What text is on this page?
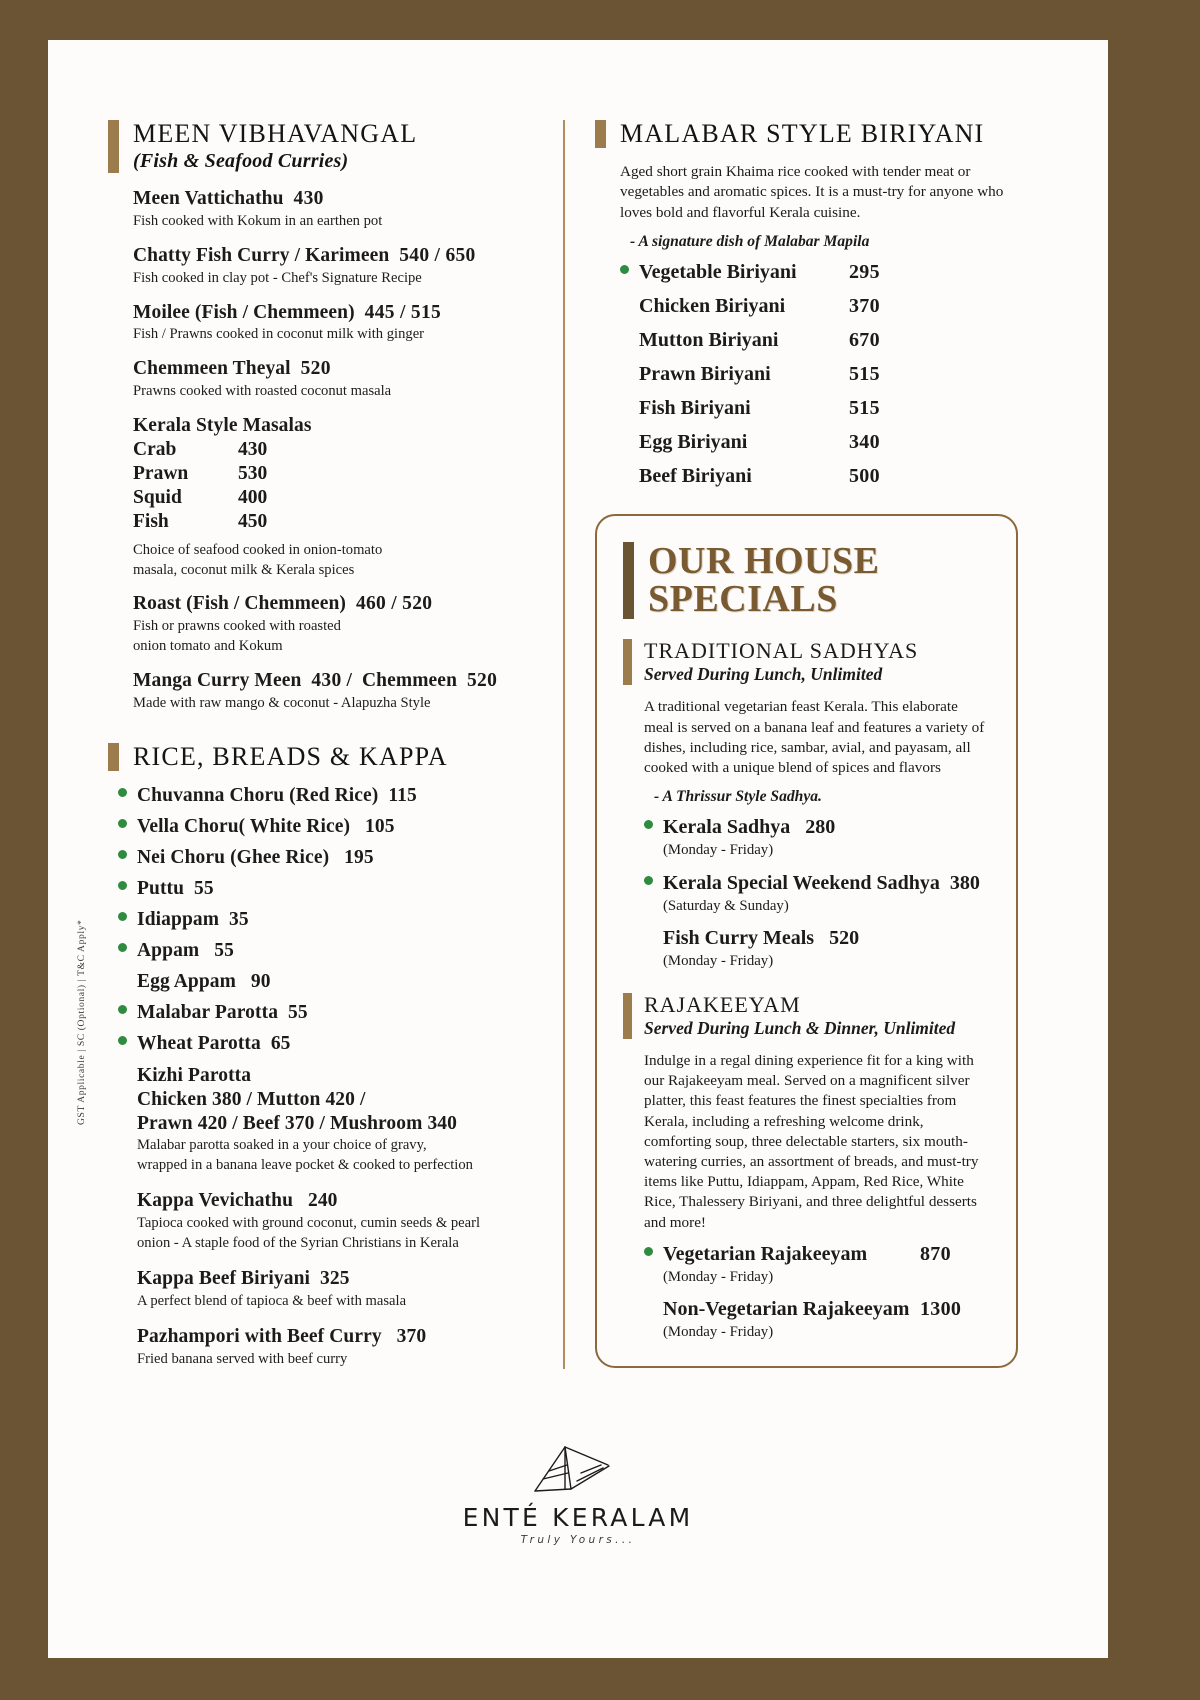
GST Applicable | SC (Optional) | T&C Apply*
MEEN VIBHAVANGAL
(Fish & Seafood Curries)
Meen Vattichathu 430
Fish cooked with Kokum in an earthen pot
Chatty Fish Curry / Karimeen 540 / 650
Fish cooked in clay pot - Chef's Signature Recipe
Moilee (Fish / Chemmeen) 445 / 515
Fish / Prawns cooked in coconut milk with ginger
Chemmeen Theyal 520
Prawns cooked with roasted coconut masala
Kerala Style Masalas
Crab	430
Prawn	530
Squid	400
Fish	450
Choice of seafood cooked in onion-tomato
masala, coconut milk & Kerala spices
Roast (Fish / Chemmeen) 460 / 520
Fish or prawns cooked with roasted
onion tomato and Kokum
Manga Curry Meen 430 / Chemmeen 520
Made with raw mango & coconut - Alapuzha Style
RICE, BREADS & KAPPA
Chuvanna Choru (Red Rice) 115
Vella Choru( White Rice) 105
Nei Choru (Ghee Rice) 195
Puttu 55
Idiappam 35
Appam 55
Egg Appam 90
Malabar Parotta 55
Wheat Parotta 65
Kizhi Parotta
Chicken 380 / Mutton 420 /
Prawn 420 / Beef 370 / Mushroom 340
Malabar parotta soaked in a your choice of gravy,
wrapped in a banana leave pocket & cooked to perfection
Kappa Vevichathu 240
Tapioca cooked with ground coconut, cumin seeds & pearl
onion - A staple food of the Syrian Christians in Kerala
Kappa Beef Biriyani 325
A perfect blend of tapioca & beef with masala
Pazhampori with Beef Curry 370
Fried banana served with beef curry
MALABAR STYLE BIRIYANI
Aged short grain Khaima rice cooked with tender meat or vegetables and aromatic spices. It is a must-try for anyone who loves bold and flavorful Kerala cuisine.
- A signature dish of Malabar Mapila
Vegetable Biriyani	295
Chicken Biriyani	370
Mutton Biriyani	670
Prawn Biriyani	515
Fish Biriyani	515
Egg Biriyani	340
Beef Biriyani	500
OUR HOUSE
SPECIALS
TRADITIONAL SADHYAS
Served During Lunch, Unlimited
A traditional vegetarian feast Kerala. This elaborate meal is served on a banana leaf and features a variety of dishes, including rice, sambar, avial, and payasam, all cooked with a unique blend of spices and flavors
- A Thrissur Style Sadhya.
Kerala Sadhya 280
(Monday - Friday)
Kerala Special Weekend Sadhya 380
(Saturday & Sunday)
Fish Curry Meals 520
(Monday - Friday)
RAJAKEEYAM
Served During Lunch & Dinner, Unlimited
Indulge in a regal dining experience fit for a king with our Rajakeeyam meal. Served on a magnificent silver platter, this feast features the finest specialties from Kerala, including a refreshing welcome drink, comforting soup, three delectable starters, six mouth-watering curries, an assortment of breads, and must-try items like Puttu, Idiappam, Appam, Red Rice, White Rice, Thalessery Biriyani, and three delightful desserts and more!
Vegetarian Rajakeeyam	870
(Monday - Friday)
Non-Vegetarian Rajakeeyam 1300
(Monday - Friday)
ENTÉ KERALAM
Truly Yours...
